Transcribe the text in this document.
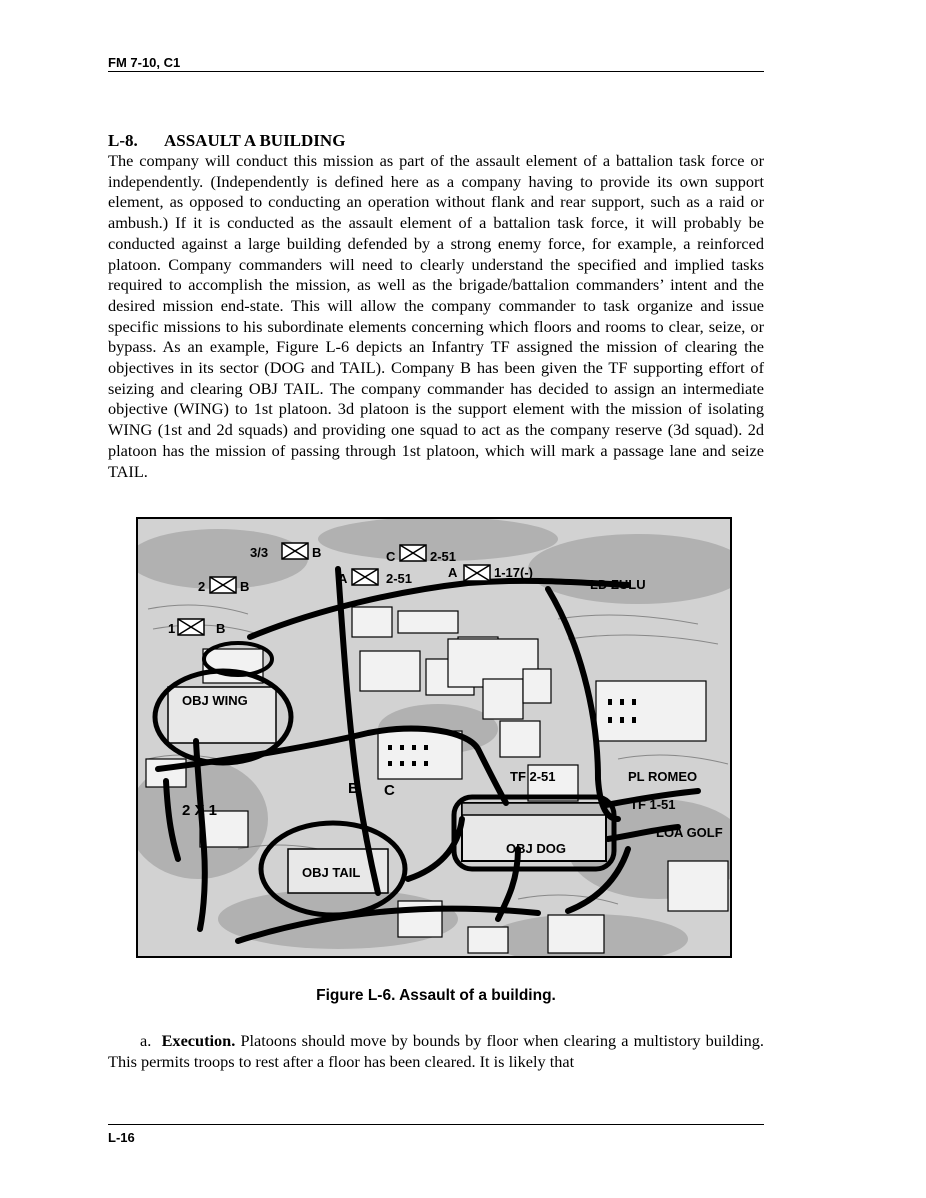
FM 7-10, C1
L-8. ASSAULT A BUILDING

The company will conduct this mission as part of the assault element of a battalion task force or independently. (Independently is defined here as a company having to provide its own support element, as opposed to conducting an operation without flank and rear support, such as a raid or ambush.) If it is conducted as the assault element of a battalion task force, it will probably be conducted against a large building defended by a strong enemy force, for example, a reinforced platoon. Company commanders will need to clearly understand the specified and implied tasks required to accomplish the mission, as well as the brigade/battalion commanders’ intent and the desired mission end-state. This will allow the company commander to task organize and issue specific missions to his subordinate elements concerning which floors and rooms to clear, seize, or bypass. As an example, Figure L-6 depicts an Infantry TF assigned the mission of clearing the objectives in its sector (DOG and TAIL). Company B has been given the TF supporting effort of seizing and clearing OBJ TAIL. The company commander has decided to assign an intermediate objective (WING) to 1st platoon. 3d platoon is the support element with the mission of isolating WING (1st and 2d squads) and providing one squad to act as the company reserve (3d squad). 2d platoon has the mission of passing through 1st platoon, which will mark a passage lane and seize TAIL.

3/3	B
2	B
1	B
C	2-51
A	2-51	A	1-17(-)
LD ZULU
OBJ WING
B C
TF 2-51	PL ROMEO
TF 1-51
LOA GOLF
2 X 1
OBJ DOG
OBJ TAIL
Figure L-6. Assault of a building.

a. Execution. Platoons should move by bounds by floor when clearing a multistory building. This permits troops to rest after a floor has been cleared. It is likely that

L-16
